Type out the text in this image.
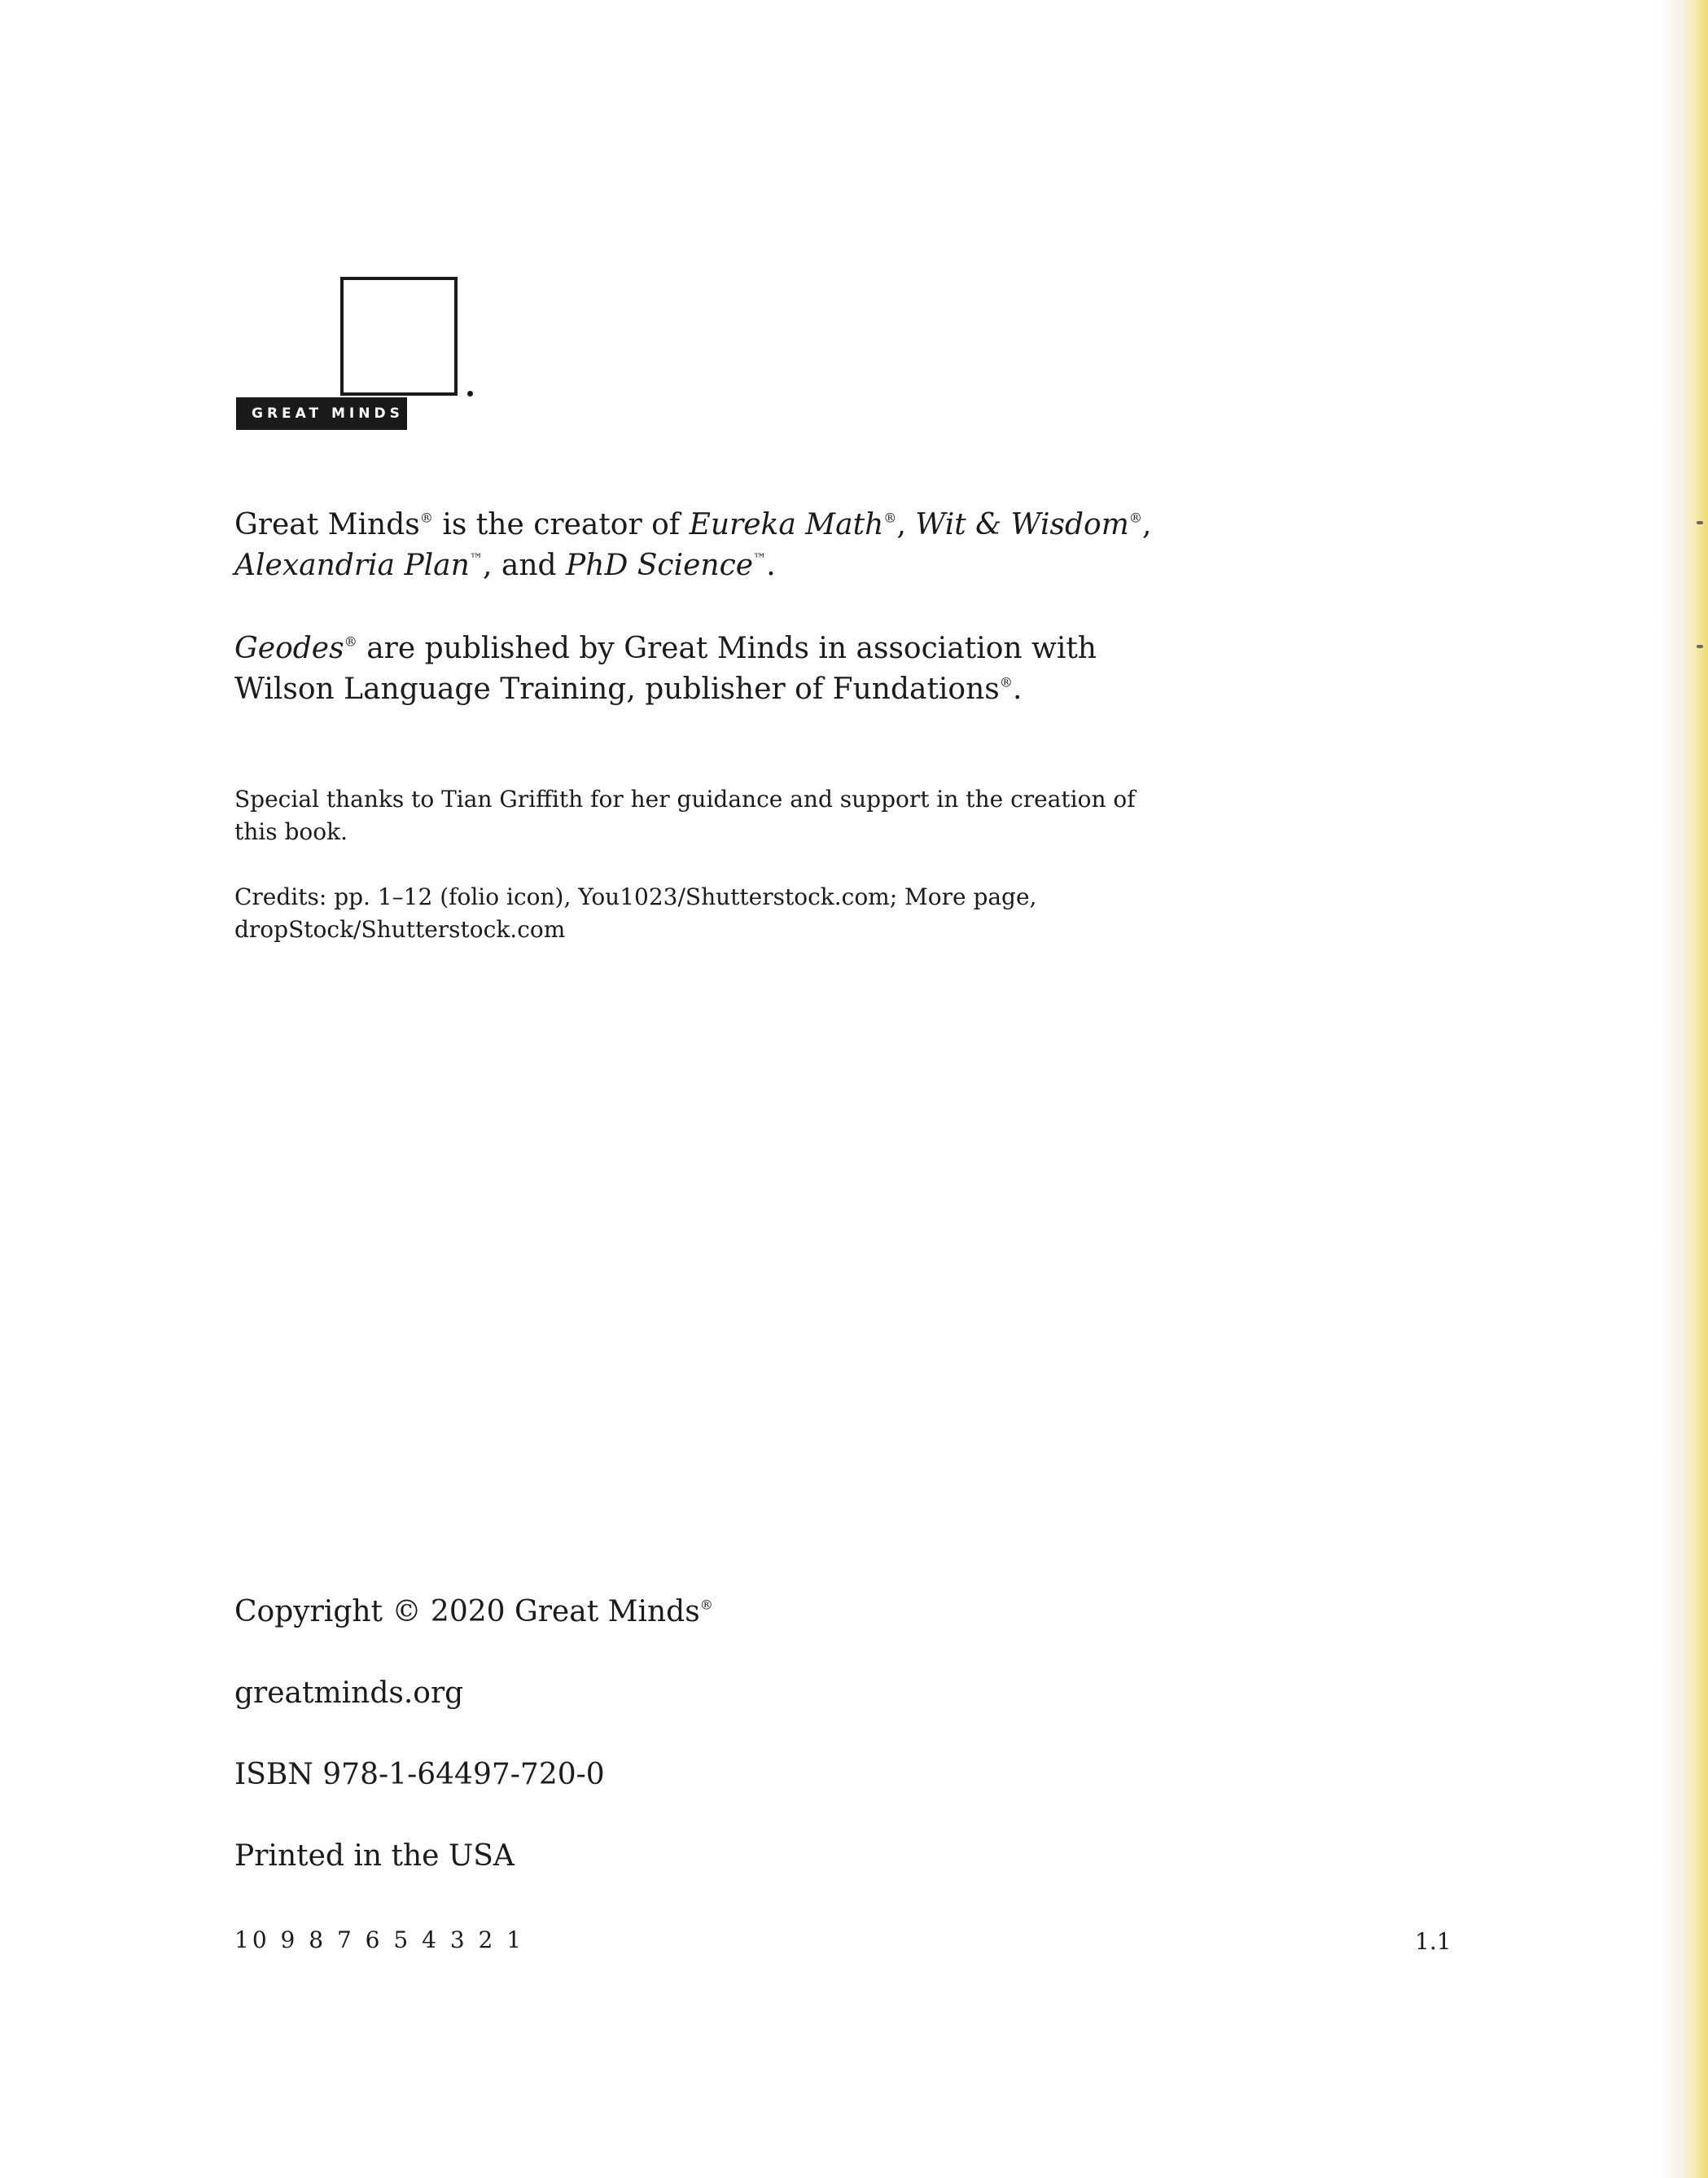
GREAT MINDS

Great Minds® is the creator of Eureka Math®, Wit & Wisdom®,
Alexandria Plan™, and PhD Science™.

Geodes® are published by Great Minds in association with
Wilson Language Training, publisher of Fundations®.

Special thanks to Tian Griffith for her guidance and support in the creation of this book.

Credits: pp. 1–12 (folio icon), You1023/Shutterstock.com; More page,
dropStock/Shutterstock.com

Copyright © 2020 Great Minds®
greatminds.org
ISBN 978-1-64497-720-0
Printed in the USA
10 9 8 7 6 5 4 3 2 1	1.1
